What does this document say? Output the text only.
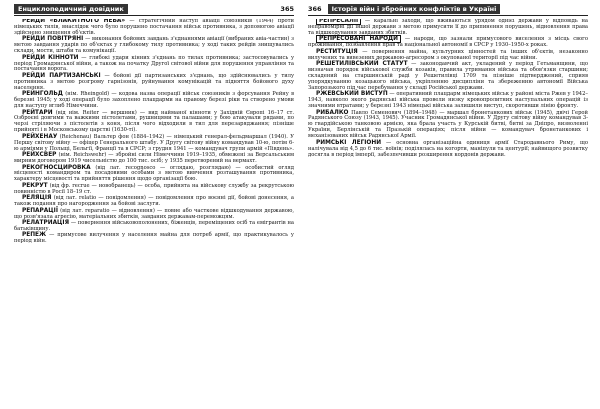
Енциклопедичний довідник	365

РЕЙДИ «БЛАКИТНОГО НЕБА» — стратегічний наступ авіації союзників (1944) проти німецьких тилів, внаслідок чого було порушено постачання військ противника, з допомогою авіації здійснено знищення об'єктів.

РЕЙДИ ПОВІТРЯНІ — виконання бойових завдань з'єднаннями авіації (вибраних авіа-частин) з метою завдання ударів по об'єктах у глибокому тилу противника; у ході таких рейдів знищувались склади, мости, штаби та комунікації.

РЕЙДИ КІННОТИ — глибокі удари кінних з'єднань по тилах противника; застосовувались у період Громадянської війни, а також на початку Другої світової війни для порушення управління та постачання ворога.

РЕЙДИ ПАРТИЗАНСЬКІ — бойові дії партизанських з'єднань, що здійснювались у тилу противника з метою розгрому гарнізонів, руйнування комунікацій та підняття бойового духу населення.

РЕЙНГОЛЬД (нім. Rheingold) — кодова назва операції військ союзників з форсування Рейну в березні 1945; у ході операції було захоплено плацдарми на правому березі ріки та створено умови для наступу вглиб Німеччини.

РЕЙТАРИ (від нім. Reiter — вершник) — вид найманої кінноти у Західній Європі 16–17 ст. Озброєні довгими та важкими пістолетами, рушницями та палашами; у бою атакували рядами, по черзі стріляючи з пістолетів з коня, після чого відходили в тил для перезаряджання; пізніше прийняті і в Московському царстві (1630-ті).

РЕЙХЕНАУ (Reichenau) Вальтер фон (1884–1942) — німецький генерал-фельдмаршал (1940). У Першу світову війну — офіцер Генерального штабу. У Другу світову війну командував 10-ю, потім 6-ю арміями у Польщі, Бельгії, Франції та в СРСР; з грудня 1941 — командувач групи армій «Південь».

РЕЙХСВЕР (нім. Reichswehr) — збройні сили Німеччини 1919–1935, обмежені за Версальським мирним договором 1919 чисельністю до 100 тис. осіб; у 1935 перетворений на вермахт.

РЕКОГНОСЦИРОВКА (від лат. recognosco — оглядаю, розглядаю) — особистий огляд місцевості командиром та посадовими особами з метою вивчення розташування противника, характеру місцевості та прийняття рішення щодо організації бою.

РЕКРУТ (від фр. recrue — новобранець) — особа, прийнята на військову службу за рекрутською повинністю в Росії 18–19 ст.

РЕЛЯЦІЯ (від лат. relatio — повідомлення) — повідомлення про воєнні дії, бойові донесення, а також подання про нагородження за бойові заслуги.

РЕПАРАЦІЇ (від лат. reparatio — відновлення) — повне або часткове відшкодування державою, що розв'язала агресію, матеріальних збитків, завданих державам-переможцям.

РЕЛАТРИАЦІЯ — повернення військовополонених, біженців, переміщених осіб та емігрантів на батьківщину.

РЕПЕЖ — примусове вилучення у населення майна для потреб армії, що практикувалось у період війн.

366	Історія війн і збройних конфліктів в Україні

РЕПРЕСАЛІЇ — каральні заходи, що вживаються урядом однієї держави у відповідь на неправомірні дії іншої держави з метою примусити її до припинення порушень, відновлення права та відшкодування завданих збитків.

РЕПРЕСОВАНІ НАРОДИ — народи, що зазнали примусового виселення з місць свого проживання, позбавлення прав та національної автономії в СРСР у 1930–1950-х роках.

РЕСТИТУЦІЯ — повернення майна, культурних цінностей та інших об'єктів, незаконно вилучених та вивезених державою-агресором з окупованої території під час війни.

РЕШЕТИЛІВСЬКИЙ СТАТУТ — законодавчий акт, укладений у період Гетьманщини, що визначав порядок військової служби козаків, правила утримання війська та обов'язки старшини; складений на старшинській раді у Решетилівці 1709 та пізніше підтверджений, сприяв упорядкуванню козацького війська, укріпленню дисципліни та збереженню автономії Війська Запорозького під час перебування у складі Російської держави.

РЖЕВСЬКИЙ ВИСТУП — оперативний плацдарм німецьких військ у районі міста Ржев у 1942–1943, навколо якого радянські війська провели низку кровопролитних наступальних операцій із значними втратами; у березні 1943 німецькі війська залишили виступ, скоротивши лінію фронту.

РИБАЛКО Павло Семенович (1894–1948) — маршал бронетанкових військ (1945), двічі Герой Радянського Союзу (1943, 1945). Учасник Громадянської війни. У Другу світову війну командував 3-ю гвардійською танковою армією, яка брала участь у Курській битві, битві за Дніпро, визволенні України, Берлінській та Празькій операціях; після війни — командувач бронетанкових і механізованих військ Радянської Армії.

РИМСЬКІ ЛЕГІОНИ — основна організаційна одиниця армії Стародавнього Риму, що налічувала від 4,5 до 6 тис. воїнів; поділялась на когорти, маніпули та центурії; найвищого розвитку досягла в період імперії, забезпечивши розширення кордонів держави.
